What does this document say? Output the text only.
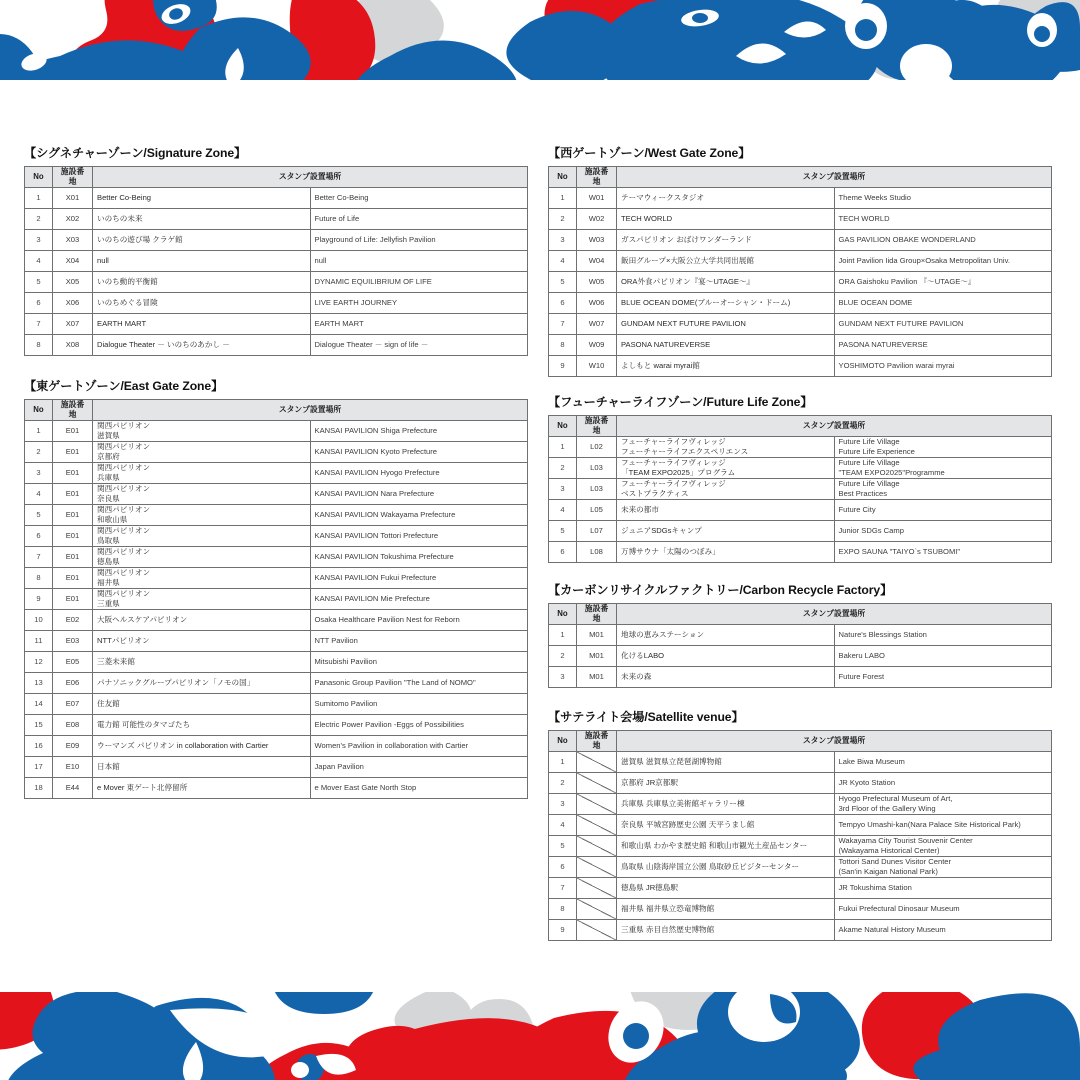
【シグネチャーゾーン/Signature Zone】
No	施設番地	スタンプ設置場所	
1	X01	Better Co-Being	Better Co-Being

2	X02	いのちの未来	Future of Life

3	X03	いのちの遊び場 クラゲ館	Playground of Life: Jellyfish Pavilion

4	X04	null	null

5	X05	いのち動的平衡館	DYNAMIC EQUILIBRIUM OF LIFE

6	X06	いのちめぐる冒険	LIVE EARTH JOURNEY

7	X07	EARTH MART	EARTH MART

8	X08	Dialogue Theater － いのちのあかし －	Dialogue Theater － sign of life －
【東ゲートゾーン/East Gate Zone】
No	施設番地	スタンプ設置場所	
1	E01	関西パビリオン
滋賀県	KANSAI PAVILION Shiga Prefecture

2	E01	関西パビリオン
京都府	KANSAI PAVILION Kyoto Prefecture

3	E01	関西パビリオン
兵庫県	KANSAI PAVILION Hyogo Prefecture

4	E01	関西パビリオン
奈良県	KANSAI PAVILION Nara Prefecture

5	E01	関西パビリオン
和歌山県	KANSAI PAVILION Wakayama Prefecture

6	E01	関西パビリオン
鳥取県	KANSAI PAVILION Tottori Prefecture

7	E01	関西パビリオン
徳島県	KANSAI PAVILION Tokushima Prefecture

8	E01	関西パビリオン
福井県	KANSAI PAVILION Fukui Prefecture

9	E01	関西パビリオン
三重県	KANSAI PAVILION Mie Prefecture

10	E02	大阪ヘルスケアパビリオン	Osaka Healthcare Pavilion Nest for Reborn

11	E03	NTTパビリオン	NTT Pavilion

12	E05	三菱未来館	Mitsubishi Pavilion

13	E06	パナソニックグループパビリオン「ノモの国」	Panasonic Group Pavilion "The Land of NOMO"

14	E07	住友館	Sumitomo Pavilion

15	E08	電力館 可能性のタマゴたち	Electric Power Pavilion -Eggs of Possibilities

16	E09	ウーマンズ パビリオン in collaboration with Cartier	Women's Pavilion in collaboration with Cartier

17	E10	日本館	Japan Pavilion

18	E44	e Mover 東ゲート北停留所	e Mover East Gate North Stop
【西ゲートゾーン/West Gate Zone】
No	施設番地	スタンプ設置場所	
1	W01	テーマウィークスタジオ	Theme Weeks Studio

2	W02	TECH WORLD	TECH WORLD

3	W03	ガスパビリオン おばけワンダーランド	GAS PAVILION OBAKE WONDERLAND

4	W04	飯田グループ×大阪公立大学共同出展館	Joint Pavilion Iida Group×Osaka Metropolitan Univ.

5	W05	ORA外食パビリオン『宴～UTAGE～』	ORA Gaishoku Pavilion 『～UTAGE～』

6	W06	BLUE OCEAN DOME(ブルーオーシャン・ドーム)	BLUE OCEAN DOME

7	W07	GUNDAM NEXT FUTURE PAVILION	GUNDAM NEXT FUTURE PAVILION

8	W09	PASONA NATUREVERSE	PASONA NATUREVERSE

9	W10	よしもと warai myrai館	YOSHIMOTO Pavilion warai myrai
【フューチャーライフゾーン/Future Life Zone】
No	施設番地	スタンプ設置場所	
1	L02	フューチャーライフヴィレッジ
フューチャーライフエクスペリエンス	Future Life Village
Future Life Experience

2	L03	フューチャーライフヴィレッジ
「TEAM EXPO2025」プログラム	Future Life Village
"TEAM EXPO2025"Programme

3	L03	フューチャーライフヴィレッジ
ベストプラクティス	Future Life Village
Best Practices

4	L05	未来の都市	Future City

5	L07	ジュニアSDGsキャンプ	Junior SDGs Camp

6	L08	万博サウナ「太陽のつぼみ」	EXPO SAUNA "TAIYO`s TSUBOMI"
【カーボンリサイクルファクトリー/Carbon Recycle Factory】
No	施設番地	スタンプ設置場所	
1	M01	地球の恵みステーション	Nature's Blessings Station

2	M01	化けるLABO	Bakeru LABO

3	M01	未来の森	Future Forest
【サテライト会場/Satellite venue】
No	施設番地	スタンプ設置場所	
1		滋賀県 滋賀県立琵琶湖博物館	Lake Biwa Museum

2		京都府 JR京都駅	JR Kyoto Station

3		兵庫県 兵庫県立美術館ギャラリー棟	Hyogo Prefectural Museum of Art,
3rd Floor of the Gallery Wing

4		奈良県 平城宮跡歴史公園 天平うまし館	Tempyo Umashi-kan(Nara Palace Site Historical Park)

5		和歌山県 わかやま歴史館 和歌山市観光土産品センター	Wakayama City Tourist Souvenir Center
(Wakayama Historical Center)

6		鳥取県 山陰海岸国立公園 鳥取砂丘ビジターセンター	Tottori Sand Dunes Visitor Center
(San'in Kaigan National Park)

7		徳島県 JR徳島駅	JR Tokushima Station

8		福井県 福井県立恐竜博物館	Fukui Prefectural Dinosaur Museum

9		三重県 赤目自然歴史博物館	Akame Natural History Museum
